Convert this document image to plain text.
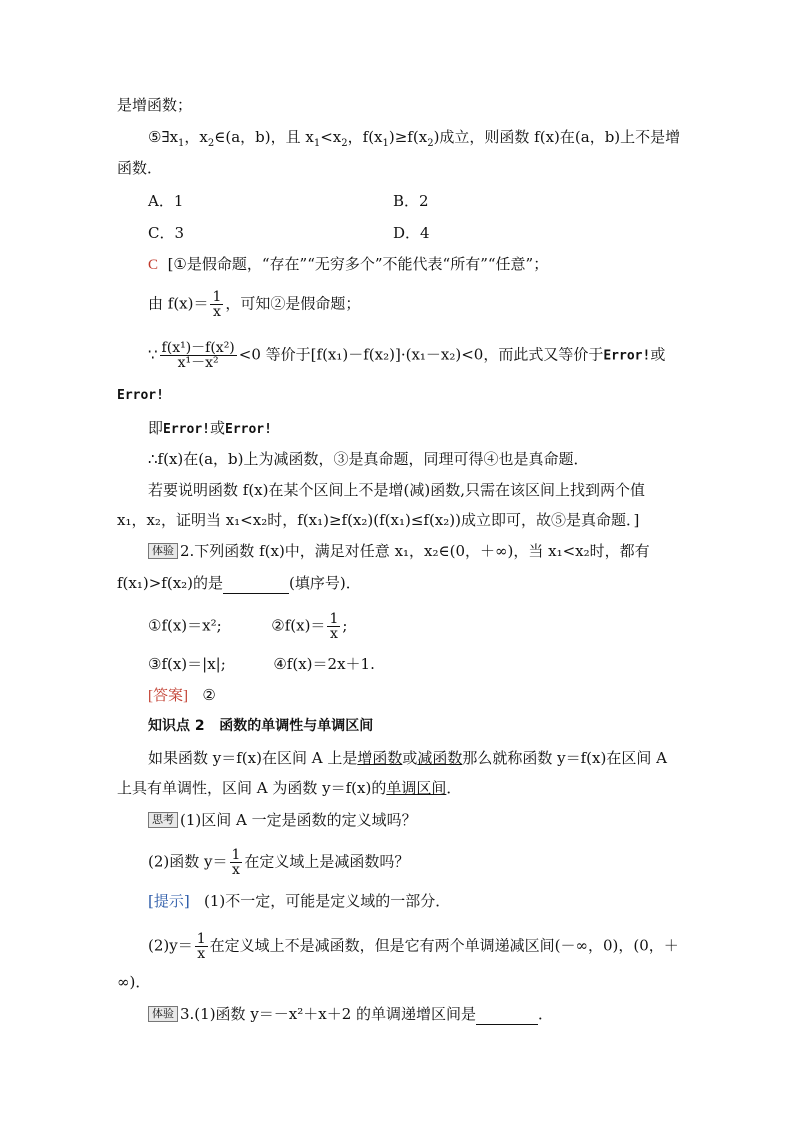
是增函数；
$⑤\exists x_1$，$x_2\in(a$，b)，且 $x_1<x_2$，$f(x_1)\ge f(x_2)$成立，则函数 f(x)在(a，b)上不是增
函数．
A．1	B．2
C．3	D．4
C [①是假命题，“存在”“无穷多个”不能代表“所有”“任意”；
由 $f(x)= \frac{1}{x}$ ，可知②是假命题；
∵ $\frac{\text{f(x¹)－f(x²)}}{\text{x¹－x²}} <0$ 等价于[f(x₁)－f(x₂)]·(x₁－x₂)<0，而此式又等价于Error!或
Error!
即Error!或Error!
∴f(x)在(a，b)上为减函数，③是真命题，同理可得④也是真命题．
若要说明函数 f(x)在某个区间上不是增(减)函数,只需在该区间上找到两个值
x₁，x₂，证明当 x₁<x₂时，f(x₁)≥f(x₂)(f(x₁)≤f(x₂))成立即可，故⑤是真命题．]
体验 2.下列函数 f(x)中，满足对任意 x₁，x₂∈(0，＋∞)，当 x₁<x₂时，都有
f(x₁)>f(x₂)的是	(填序号)．
①f(x)＝x²;	②f(x)＝ $\frac{1}{x}$ ;
③f(x)＝|x|;	④f(x)＝2x＋1.
[答案] ②
知识点 2 函数的单调性与单调区间
如果函数 y＝f(x)在区间 A 上是增函数或减函数那么就称函数 y＝f(x)在区间 A
上具有单调性，区间 A 为函数 y＝f(x)的单调区间．
思考 (1)区间 A 一定是函数的定义域吗？
(2)函数 $y= \frac{1}{x}$ 在定义域上是减函数吗？
[提示] (1)不一定，可能是定义域的一部分．
$(2)y= \frac{1}{x}$ 在定义域上不是减函数，但是它有两个单调递减区间(－∞，0)，(0，＋
∞)．
体验 3.(1)函数 y＝－x²＋x＋2 的单调递增区间是	．
